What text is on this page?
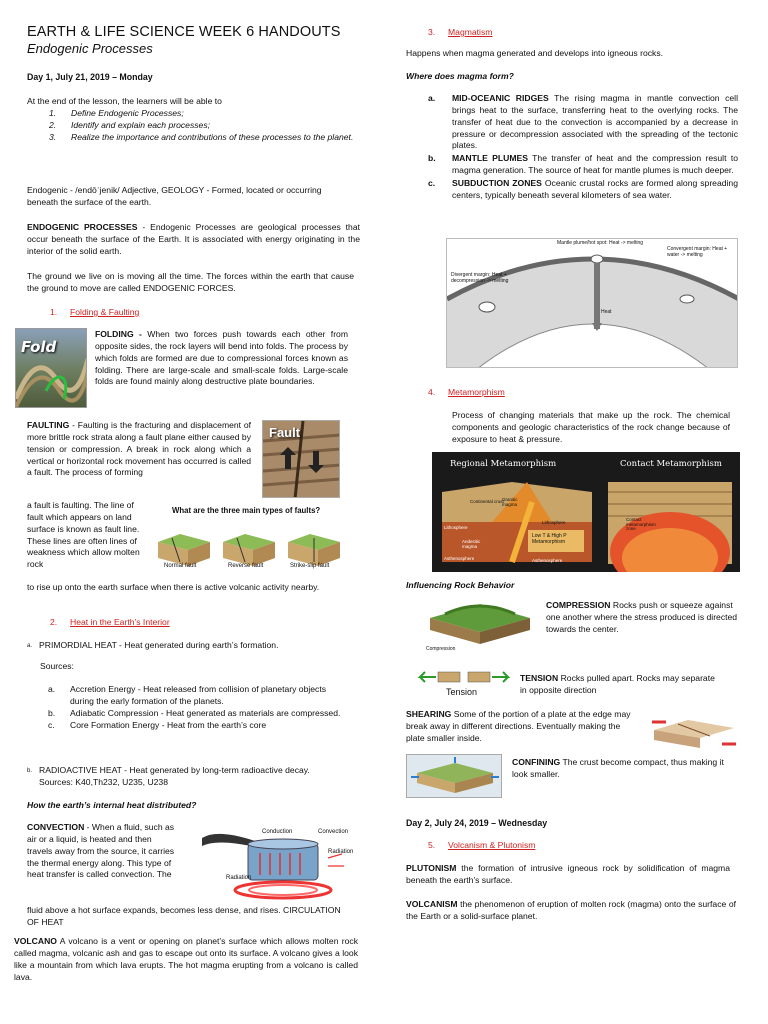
EARTH & LIFE SCIENCE WEEK 6 HANDOUTS
Endogenic Processes
Day 1, July 21, 2019 – Monday
At the end of the lesson, the learners will be able to
1.	Define Endogenic Processes;
2.	Identify and explain each processes;
3.	Realize the importance and contributions of these processes to the planet.

Endogenic - /endōˈjenik/ Adjective, GEOLOGY - Formed, located or occurring beneath the surface of the earth.

ENDOGENIC PROCESSES - Endogenic Processes are geological processes that occur beneath the surface of the Earth. It is associated with energy originating in the interior of the solid earth.

The ground we live on is moving all the time. The forces within the earth that cause the ground to move are called ENDOGENIC FORCES.

1. Folding & Faulting
Fold

FOLDING - When two forces push towards each other from opposite sides, the rock layers will bend into folds. The process by which folds are formed are due to compressional forces known as folding. There are large-scale and small-scale folds. Large-scale folds are found mainly along destructive plate boundaries.

FAULTING - Faulting is the fracturing and displacement of more brittle rock strata along a fault plane either caused by tension or compression. A break in rock along which a vertical or horizontal rock movement has occurred is called a fault. The process of forming

Fault

a fault is faulting. The line of fault which appears on land surface is known as fault line. These lines are often lines of weakness which allow molten rock

What are the three main types of faults?
Normal fault	Reverse fault	Strike-slip fault

to rise up onto the earth surface when there is active volcanic activity nearby.

2. Heat in the Earth’s Interior
a. PRIMORDIAL HEAT - Heat generated during earth’s formation.
Sources:
a.	Accretion Energy - Heat released from collision of planetary objects during the early formation of the planets.
b.	Adiabatic Compression - Heat generated as materials are compressed.
c.	Core Formation Energy - Heat from the earth’s core
b. RADIOACTIVE HEAT - Heat generated by long-term radioactive decay. Sources: K40,Th232, U235, U238
How the earth’s internal heat distributed?

CONVECTION - When a fluid, such as air or a liquid, is heated and then travels away from the source, it carries the thermal energy along. This type of heat transfer is called convection. The

Conduction	Convection
Radiation
Radiation

fluid above a hot surface expands, becomes less dense, and rises. CIRCULATION OF HEAT

VOLCANO A volcano is a vent or opening on planet’s surface which allows molten rock called magma, volcanic ash and gas to escape out onto its surface. A volcano gives a look like a mountain from which lava erupts. The hot magma erupting from a volcano is called lava.

3. Magmatism

Happens when magma generated and develops into igneous rocks.

Where does magma form?
a.	MID-OCEANIC RIDGES The rising magma in mantle convection cell brings heat to the surface, transferring heat to the overlying rocks. The transfer of heat due to the convection is accompanied by a decrease in pressure or decompression associated with the spreading of the tectonic plates.

b.	MANTLE PLUMES The transfer of heat and the compression result to magma generation. The source of heat for mantle plumes is much deeper.

c.	SUBDUCTION ZONES Oceanic crustal rocks are formed along spreading centers, typically beneath several kilometers of sea water.

Mantle plume/hot spot: Heat -> melting
Convergent margin: Heat + water -> melting
Divergent margin: Heat + decompression -> melting
Heat
4. Metamorphism

Process of changing materials that make up the rock. The chemical components and geologic characteristics of the rock change because of exposure to heat & pressure.

Regional Metamorphism
Continental crust
Granitic magma
Lithosphere
Lithosphere
Andesitic magma
Low T & High P Metamorphism
Asthenosphere	Asthenosphere
Contact Metamorphism
Contact metamorphism zone
Influencing Rock Behavior
Compression

COMPRESSION Rocks push or squeeze against one another where the stress produced is directed towards the center.

Tension

TENSION Rocks pulled apart. Rocks may separate in opposite direction

SHEARING Some of the portion of a plate at the edge may break away in different directions. Eventually making the plate smaller inside.

CONFINING The crust become compact, thus making it look smaller.

Day 2, July 24, 2019 – Wednesday
5. Volcanism & Plutonism

PLUTONISM the formation of intrusive igneous rock by solidification of magma beneath the earth’s surface.

VOLCANISM the phenomenon of eruption of molten rock (magma) onto the surface of the Earth or a solid-surface planet.
